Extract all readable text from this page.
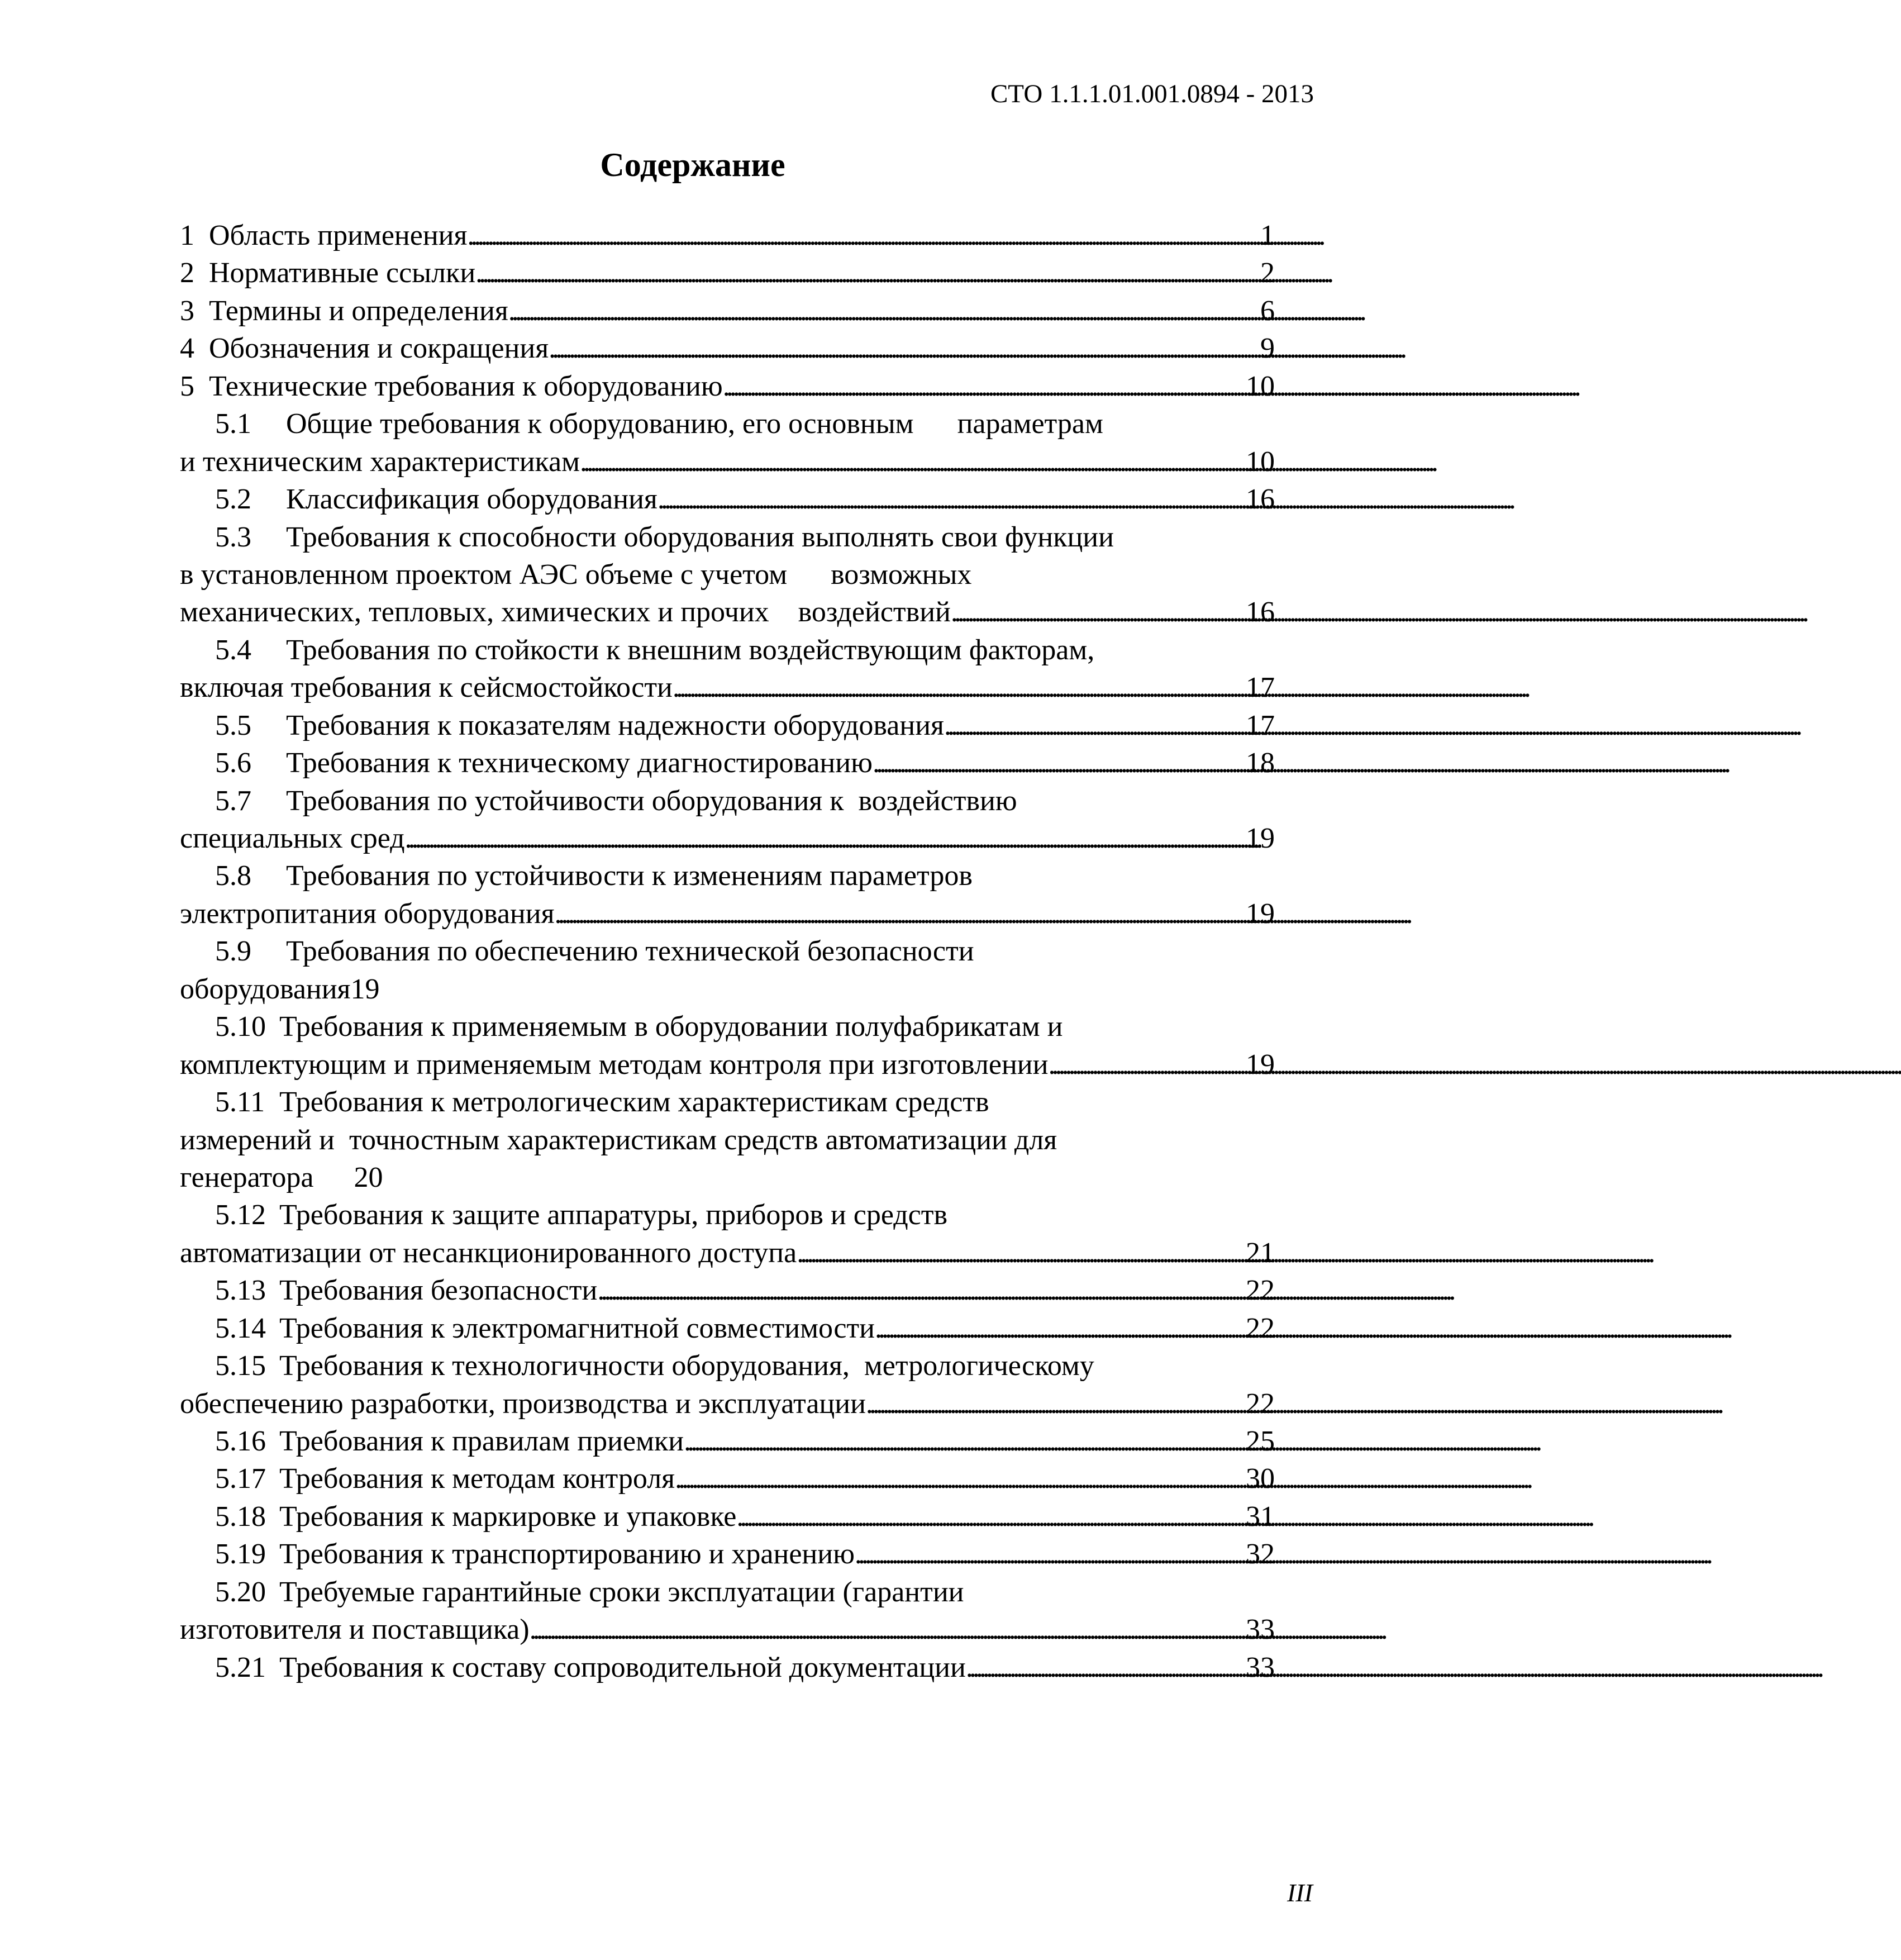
СТО 1.1.1.01.001.0894 - 2013
Содержание
1 Область применения . . .	1
2 Нормативные ссылки . . .	2
3 Термины и определения . . .	6
4 Обозначения и сокращения . . .	9
5 Технические требования к оборудованию . . .	10
5.1	Общие требования к оборудованию, его основным      параметрам
и техническим характеристикам . . .	10
5.2	Классификация оборудования . . .	16
5.3	Требования к способности оборудования выполнять свои функции
в установленном проектом АЭС объеме с учетом      возможных
механических, тепловых, химических и прочих    воздействий . . .	16
5.4	Требования по стойкости к внешним воздействующим факторам,
включая требования к сейсмостойкости . . .	17
5.5	Требования к показателям надежности оборудования . . .	17
5.6	Требования к техническому диагностированию . . .	18
5.7	Требования по устойчивости оборудования к  воздействию
специальных сред . . .	19
5.8	Требования по устойчивости к изменениям параметров
электропитания оборудования . . .	19
5.9	Требования по обеспечению технической безопасности
оборудования 19
5.10 Требования к применяемым в оборудовании полуфабрикатам и
комплектующим и применяемым методам контроля при изготовлении . . .	19
5.11 Требования к метрологическим характеристикам средств
измерений и  точностным характеристикам средств автоматизации для
генератора	20
5.12 Требования к защите аппаратуры, приборов и средств
автоматизации от несанкционированного доступа . . .	21
5.13 Требования безопасности . . .	22
5.14 Требования к электромагнитной совместимости . . .	22
5.15 Требования к технологичности оборудования,  метрологическому
обеспечению разработки, производства и эксплуатации . . .	22
5.16 Требования к правилам приемки . . .	25
5.17 Требования к методам контроля . . .	30
5.18 Требования к маркировке и упаковке . . .	31
5.19 Требования к транспортированию и хранению . . .	32
5.20 Требуемые гарантийные сроки эксплуатации (гарантии
изготовителя и поставщика) . . .	33
5.21 Требования к составу сопроводительной документации . . .	33
III
